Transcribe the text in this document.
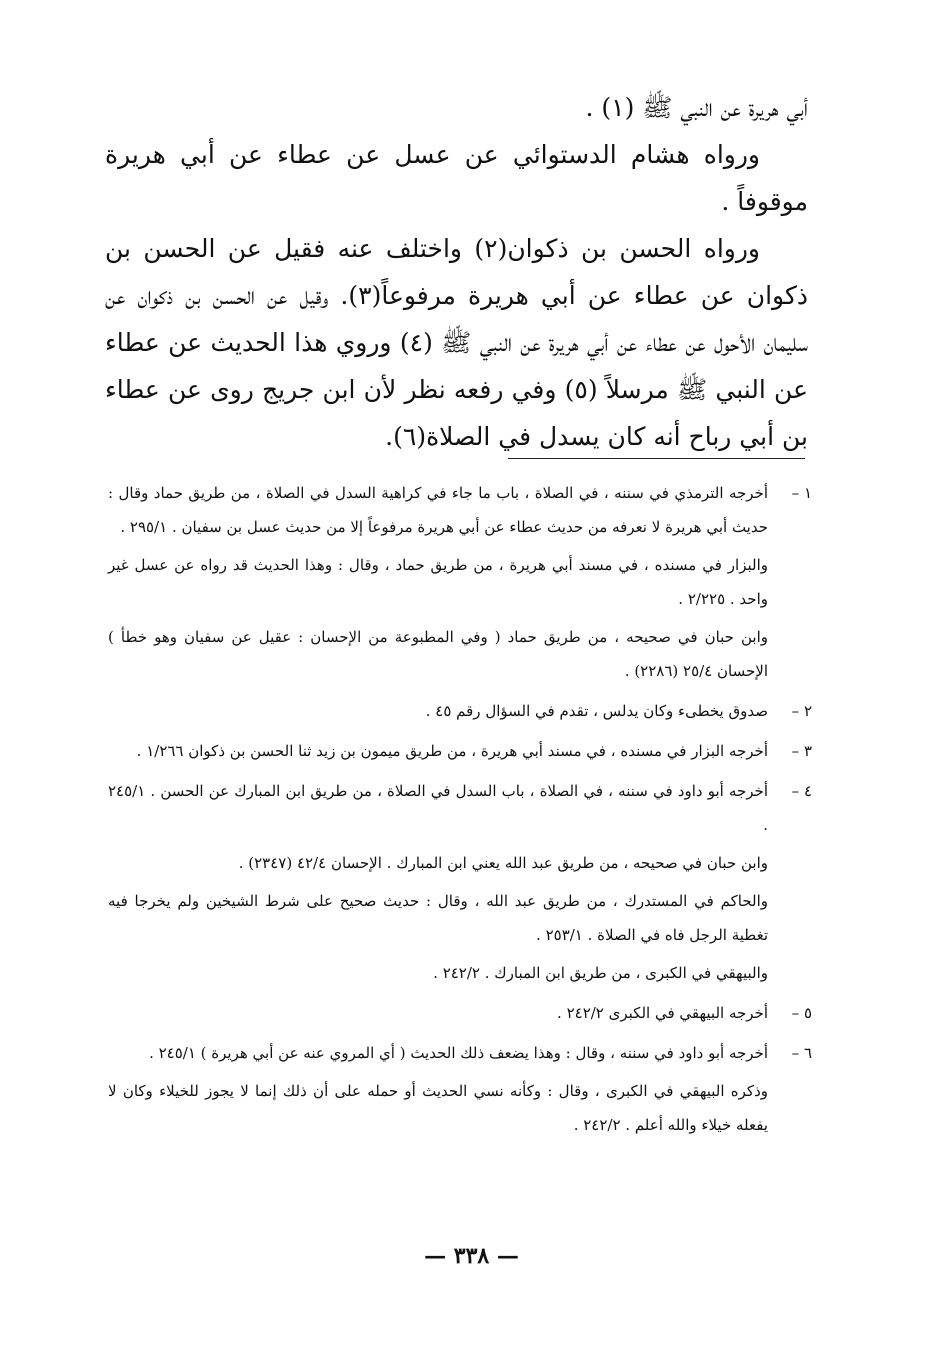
أبي هريرة عن النبي ﷺ (١) .

ورواه هشام الدستوائي عن عسل عن عطاء عن أبي هريرة موقوفاً .

ورواه الحسن بن ذكوان(٢) واختلف عنه فقيل عن الحسن بن ذكوان عن عطاء عن أبي هريرة مرفوعاً(٣). وقيل عن الحسن بن ذكوان عن سليمان الأحول عن عطاء عن أبي هريرة عن النبي ﷺ (٤) وروي هذا الحديث عن عطاء عن النبي ﷺ مرسلاً (٥) وفي رفعه نظر لأن ابن جريج روى عن عطاء بن أبي رباح أنه كان يسدل في الصلاة(٦).

١ –

أخرجه الترمذي في سننه ، في الصلاة ، باب ما جاء في كراهية السدل في الصلاة ، من طريق حماد وقال : حديث أبي هريرة لا نعرفه من حديث عطاء عن أبي هريرة مرفوعاً إلا من حديث عسل بن سفيان . ٢٩٥/١ .

والبزار في مسنده ، في مسند أبي هريرة ، من طريق حماد ، وقال : وهذا الحديث قد رواه عن عسل غير واحد . ٢/٢٢٥ .

وابن حبان في صحيحه ، من طريق حماد ( وفي المطبوعة من الإحسان : عقيل عن سفيان وهو خطأ ) الإحسان ٢٥/٤ (٢٢٨٦) .

٢ –

صدوق يخطىء وكان يدلس ، تقدم في السؤال رقم ٤٥ .

٣ –

أخرجه البزار في مسنده ، في مسند أبي هريرة ، من طريق ميمون بن زيد ثنا الحسن بن ذكوان ١/٢٦٦ .

٤ –

أخرجه أبو داود في سننه ، في الصلاة ، باب السدل في الصلاة ، من طريق ابن المبارك عن الحسن . ٢٤٥/١ .

وابن حبان في صحيحه ، من طريق عبد الله يعني ابن المبارك . الإحسان ٤٢/٤ (٢٣٤٧) .

والحاكم في المستدرك ، من طريق عبد الله ، وقال : حديث صحيح على شرط الشيخين ولم يخرجا فيه تغطية الرجل فاه في الصلاة . ٢٥٣/١ .

والبيهقي في الكبرى ، من طريق ابن المبارك . ٢٤٢/٢ .

٥ –

أخرجه البيهقي في الكبرى ٢٤٢/٢ .

٦ –

أخرجه أبو داود في سننه ، وقال : وهذا يضعف ذلك الحديث ( أي المروي عنه عن أبي هريرة ) ٢٤٥/١ .

وذكره البيهقي في الكبرى ، وقال : وكأنه نسي الحديث أو حمله على أن ذلك إنما لا يجوز للخيلاء وكان لا يفعله خيلاء والله أعلم . ٢٤٢/٢ .

— ٣٣٨ —
